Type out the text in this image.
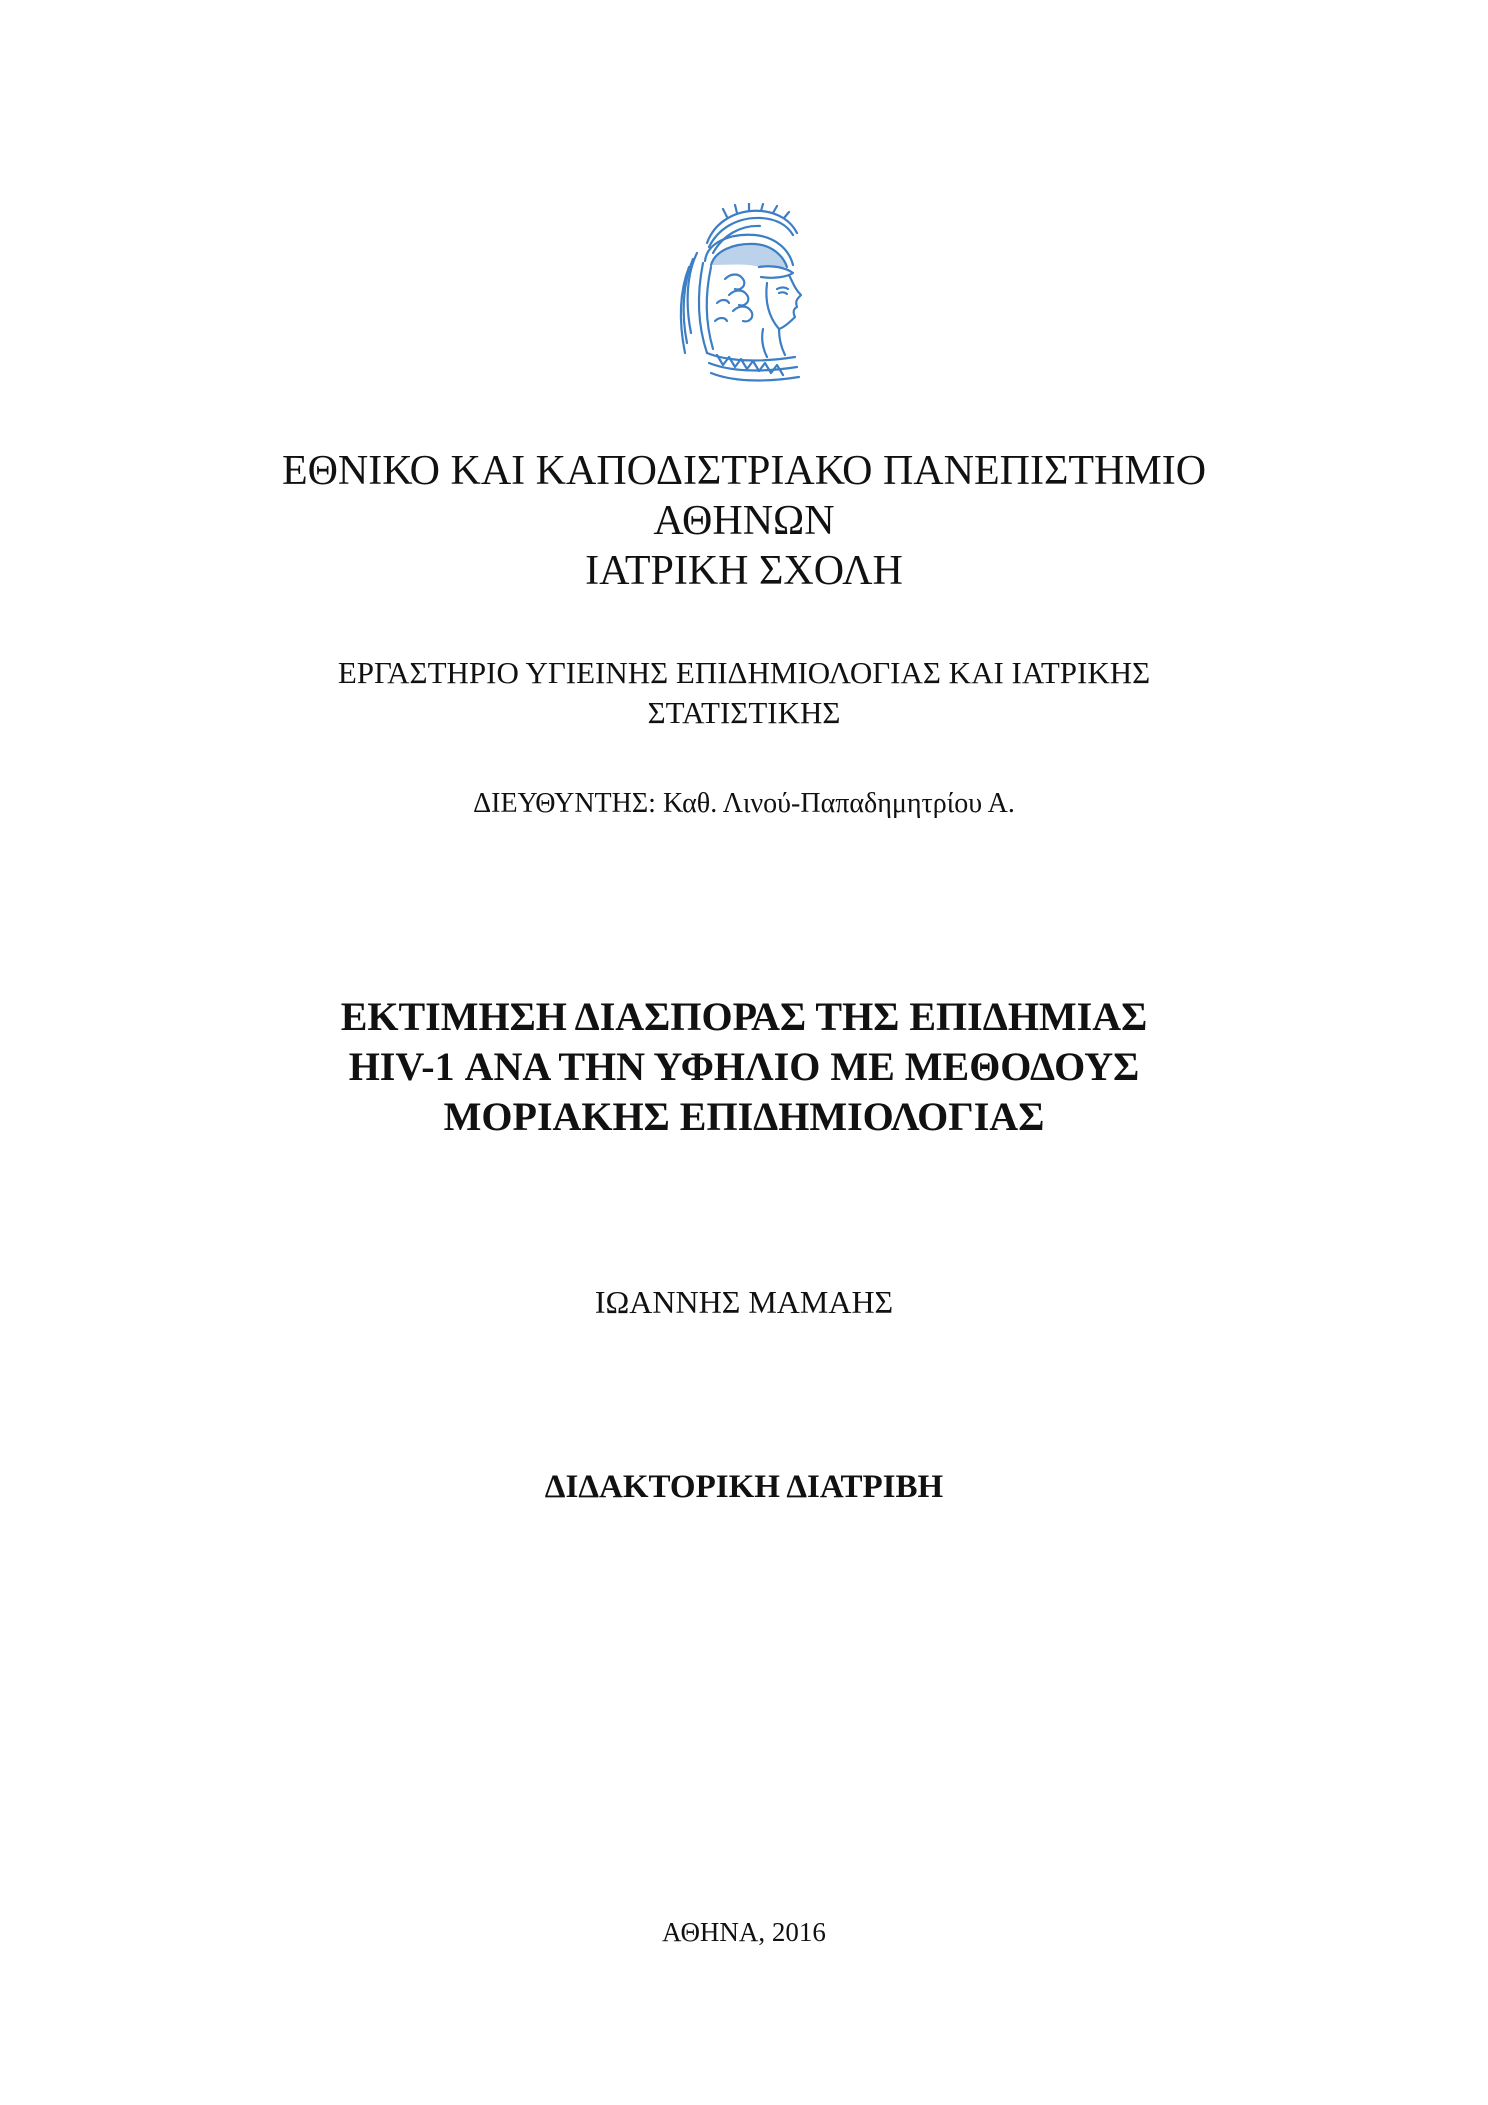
ΕΘΝΙΚΟ ΚΑΙ ΚΑΠΟΔΙΣΤΡΙΑΚΟ ΠΑΝΕΠΙΣΤΗΜΙΟ
ΑΘΗΝΩΝ
ΙΑΤΡΙΚΗ ΣΧΟΛΗ
ΕΡΓΑΣΤΗΡΙΟ ΥΓΙΕΙΝΗΣ ΕΠΙΔΗΜΙΟΛΟΓΙΑΣ ΚΑΙ ΙΑΤΡΙΚΗΣ
ΣΤΑΤΙΣΤΙΚΗΣ
ΔΙΕΥΘΥΝΤΗΣ: Καθ. Λινού-Παπαδημητρίου Α.
ΕΚΤΙΜΗΣΗ ΔΙΑΣΠΟΡΑΣ ΤΗΣ ΕΠΙΔΗΜΙΑΣ
HIV-1 ΑΝΑ ΤΗΝ ΥΦΗΛΙΟ ΜΕ ΜΕΘΟΔΟΥΣ
ΜΟΡΙΑΚΗΣ ΕΠΙΔΗΜΙΟΛΟΓΙΑΣ
ΙΩΑΝΝΗΣ ΜΑΜΑΗΣ
ΔΙΔΑΚΤΟΡΙΚΗ ΔΙΑΤΡΙΒΗ
ΑΘΗΝΑ, 2016
